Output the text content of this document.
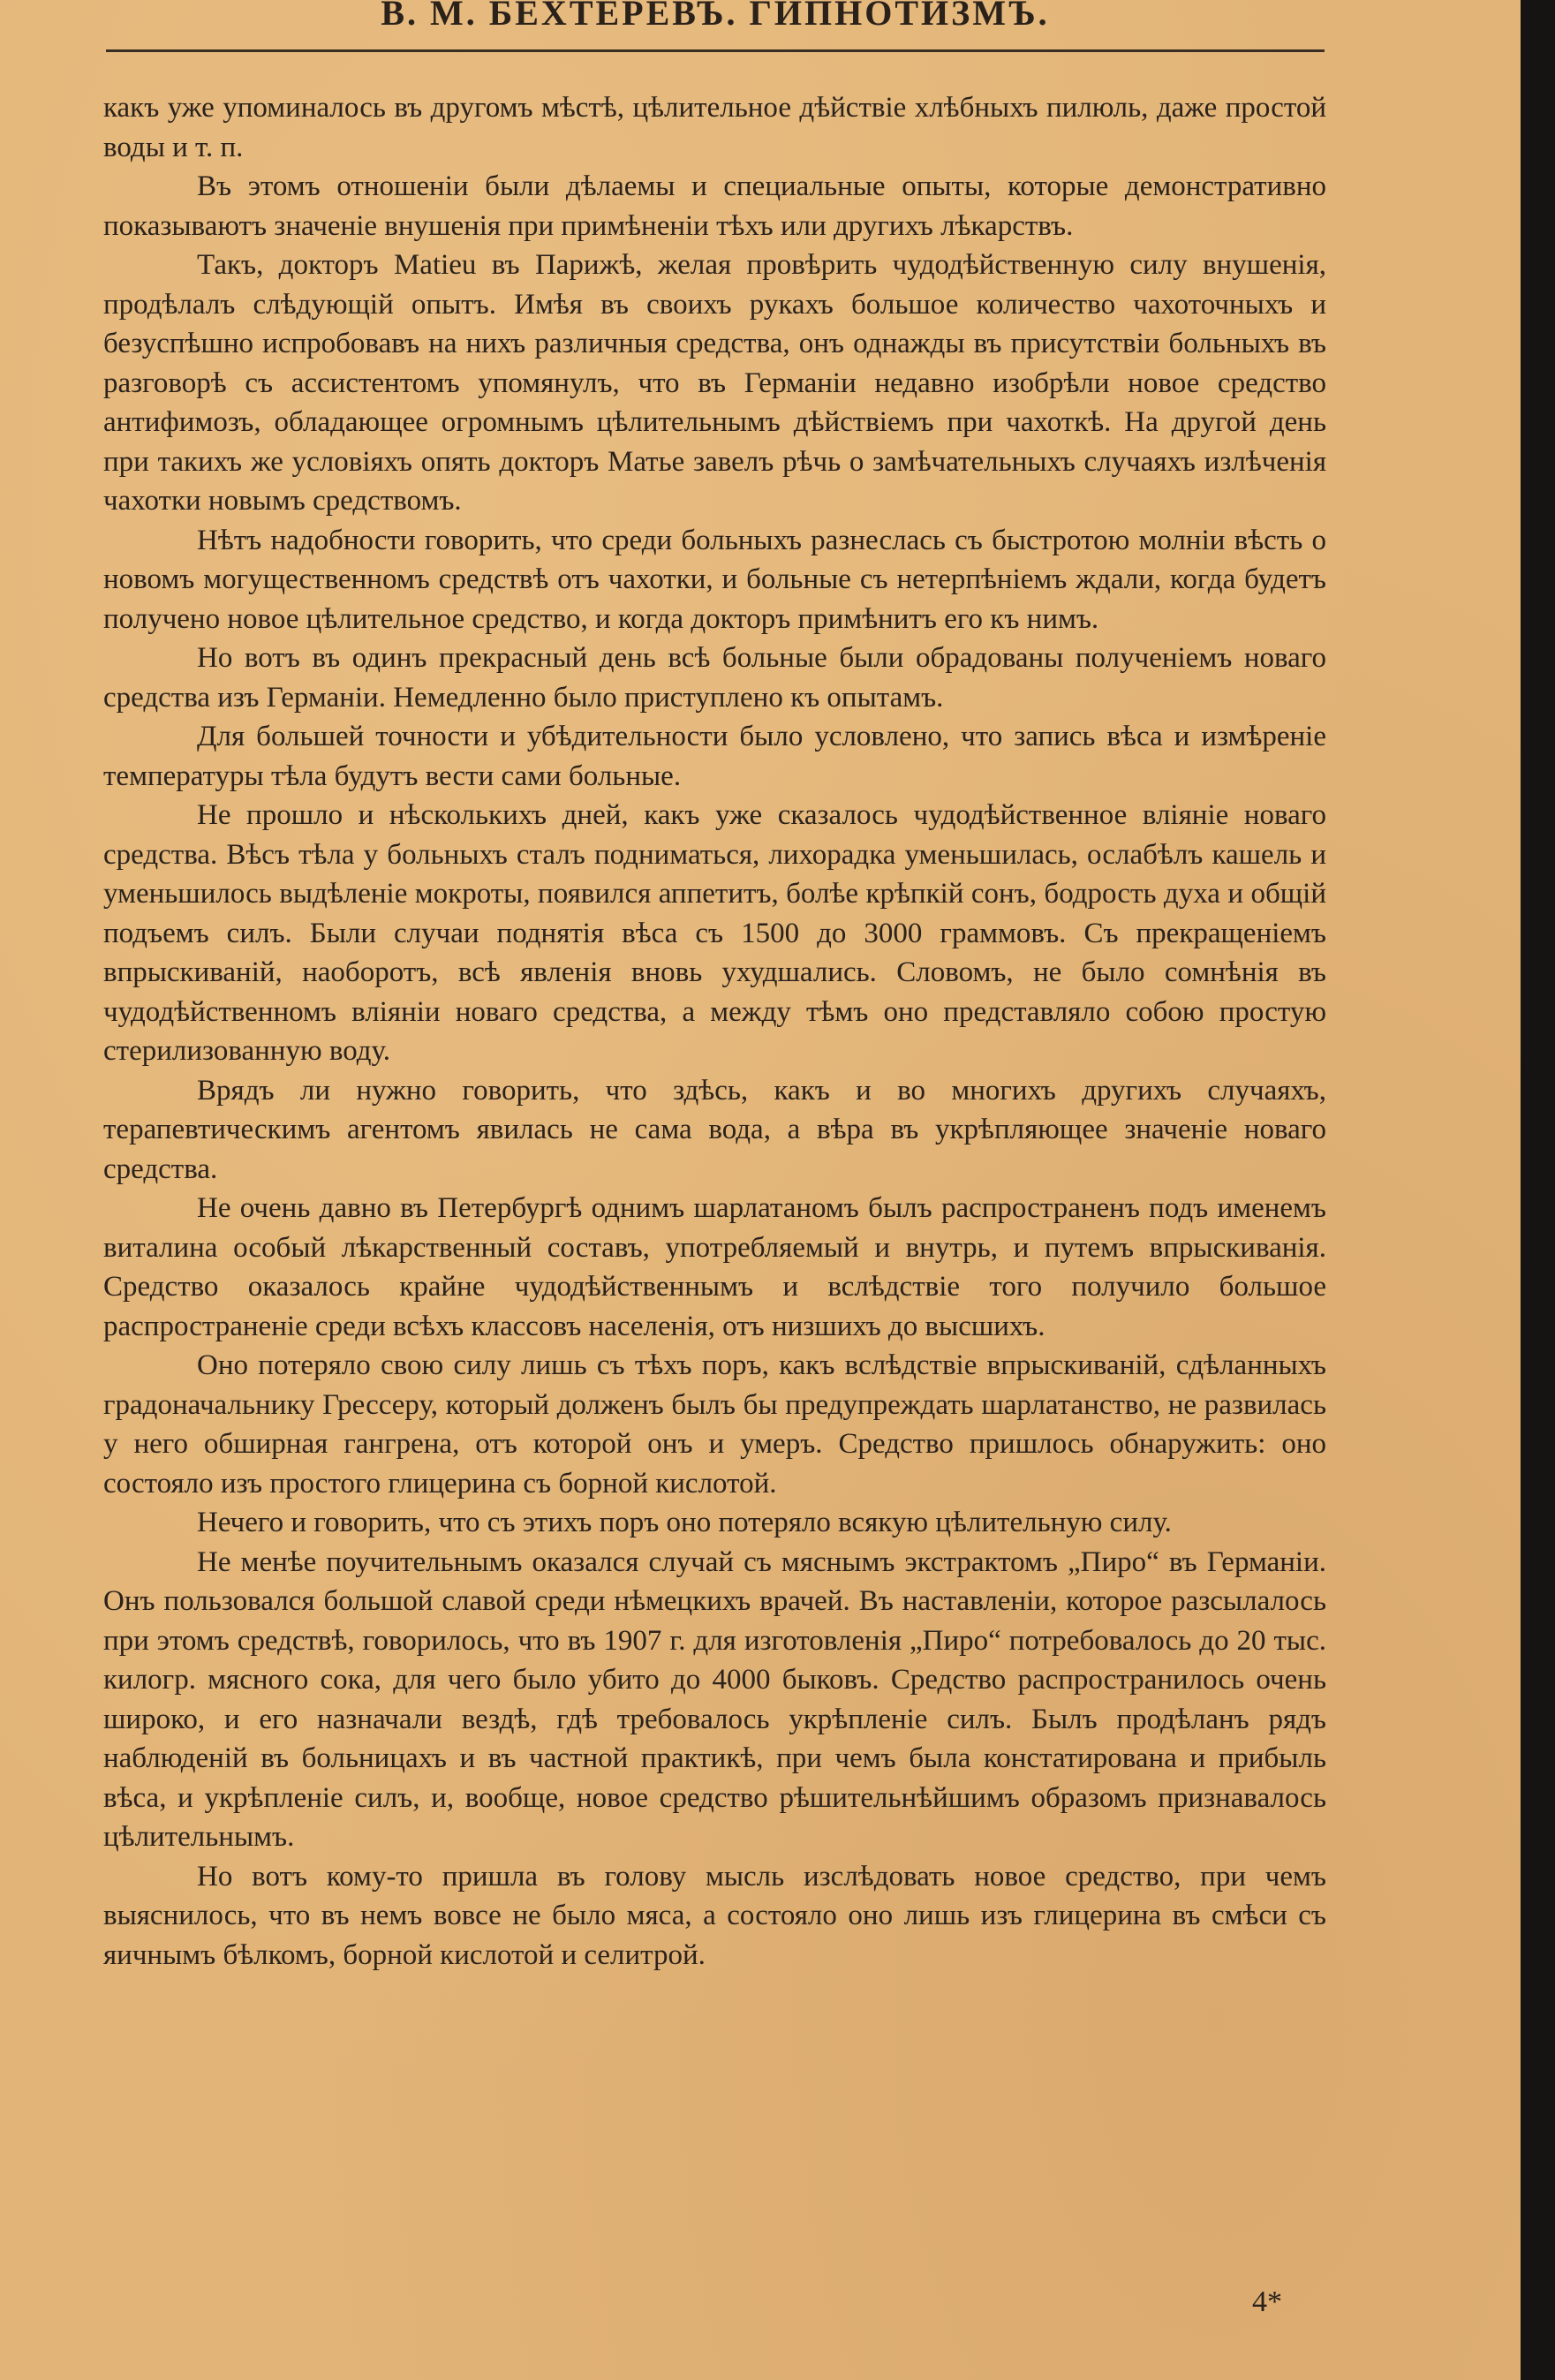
В. М. БЕХТЕРЕВЪ. ГИПНОТИЗМЪ.

какъ уже упоминалось въ другомъ мѣстѣ, цѣлительное дѣйствіе хлѣбныхъ пилюль, даже простой воды и т. п.

Въ этомъ отношеніи были дѣлаемы и специальные опыты, которые демонстративно показываютъ значеніе внушенія при примѣненіи тѣхъ или другихъ лѣкарствъ.

Такъ, докторъ Matieu въ Парижѣ, желая провѣрить чудодѣйственную силу внушенія, продѣлалъ слѣдующій опытъ. Имѣя въ своихъ рукахъ большое количество чахоточныхъ и безуспѣшно испробовавъ на нихъ различныя средства, онъ однажды въ присутствіи больныхъ въ разговорѣ съ ассистентомъ упомянулъ, что въ Германіи недавно изобрѣли новое средство антифимозъ, обладающее огромнымъ цѣлительнымъ дѣйствіемъ при чахоткѣ. На другой день при такихъ же условіяхъ опять докторъ Матье завелъ рѣчь о замѣчательныхъ случаяхъ излѣченія чахотки новымъ средствомъ.

Нѣтъ надобности говорить, что среди больныхъ разнеслась съ быстротою молніи вѣсть о новомъ могущественномъ средствѣ отъ чахотки, и больные съ нетерпѣніемъ ждали, когда будетъ получено новое цѣлительное средство, и когда докторъ примѣнитъ его къ нимъ.

Но вотъ въ одинъ прекрасный день всѣ больные были обрадованы полученіемъ новаго средства изъ Германіи. Немедленно было приступлено къ опытамъ.

Для большей точности и убѣдительности было условлено, что запись вѣса и измѣреніе температуры тѣла будутъ вести сами больные.

Не прошло и нѣсколькихъ дней, какъ уже сказалось чудодѣйственное вліяніе новаго средства. Вѣсъ тѣла у больныхъ сталъ подниматься, лихорадка уменьшилась, ослабѣлъ кашель и уменьшилось выдѣленіе мокроты, появился аппетитъ, болѣе крѣпкій сонъ, бодрость духа и общій подъемъ силъ. Были случаи поднятія вѣса съ 1500 до 3000 граммовъ. Съ прекращеніемъ впрыскиваній, наоборотъ, всѣ явленія вновь ухудшались. Словомъ, не было сомнѣнія въ чудодѣйственномъ вліяніи новаго средства, а между тѣмъ оно представляло собою простую стерилизованную воду.

Врядъ ли нужно говорить, что здѣсь, какъ и во многихъ другихъ случаяхъ, терапевтическимъ агентомъ явилась не сама вода, а вѣра въ укрѣпляющее значеніе новаго средства.

Не очень давно въ Петербургѣ однимъ шарлатаномъ былъ распространенъ подъ именемъ виталина особый лѣкарственный составъ, употребляемый и внутрь, и путемъ впрыскиванія. Средство оказалось крайне чудодѣйственнымъ и вслѣдствіе того получило большое распространеніе среди всѣхъ классовъ населенія, отъ низшихъ до высшихъ.

Оно потеряло свою силу лишь съ тѣхъ поръ, какъ вслѣдствіе впрыскиваній, сдѣланныхъ градоначальнику Грессеру, который долженъ былъ бы предупреждать шарлатанство, не развилась у него обширная гангрена, отъ которой онъ и умеръ. Средство пришлось обнаружить: оно состояло изъ простого глицерина съ борной кислотой.

Нечего и говорить, что съ этихъ поръ оно потеряло всякую цѣлительную силу.

Не менѣе поучительнымъ оказался случай съ мяснымъ экстрактомъ „Пиро“ въ Германіи. Онъ пользовался большой славой среди нѣмецкихъ врачей. Въ наставленіи, которое разсылалось при этомъ средствѣ, говорилось, что въ 1907 г. для изготовленія „Пиро“ потребовалось до 20 тыс. килогр. мясного сока, для чего было убито до 4000 быковъ. Средство распространилось очень широко, и его назначали вездѣ, гдѣ требовалось укрѣпленіе силъ. Былъ продѣланъ рядъ наблюденій въ больницахъ и въ частной практикѣ, при чемъ была констатирована и прибыль вѣса, и укрѣпленіе силъ, и, вообще, новое средство рѣшительнѣйшимъ образомъ признавалось цѣлительнымъ.

Но вотъ кому-то пришла въ голову мысль изслѣдовать новое средство, при чемъ выяснилось, что въ немъ вовсе не было мяса, а состояло оно лишь изъ глицерина въ смѣси съ яичнымъ бѣлкомъ, борной кислотой и селитрой.

4*
